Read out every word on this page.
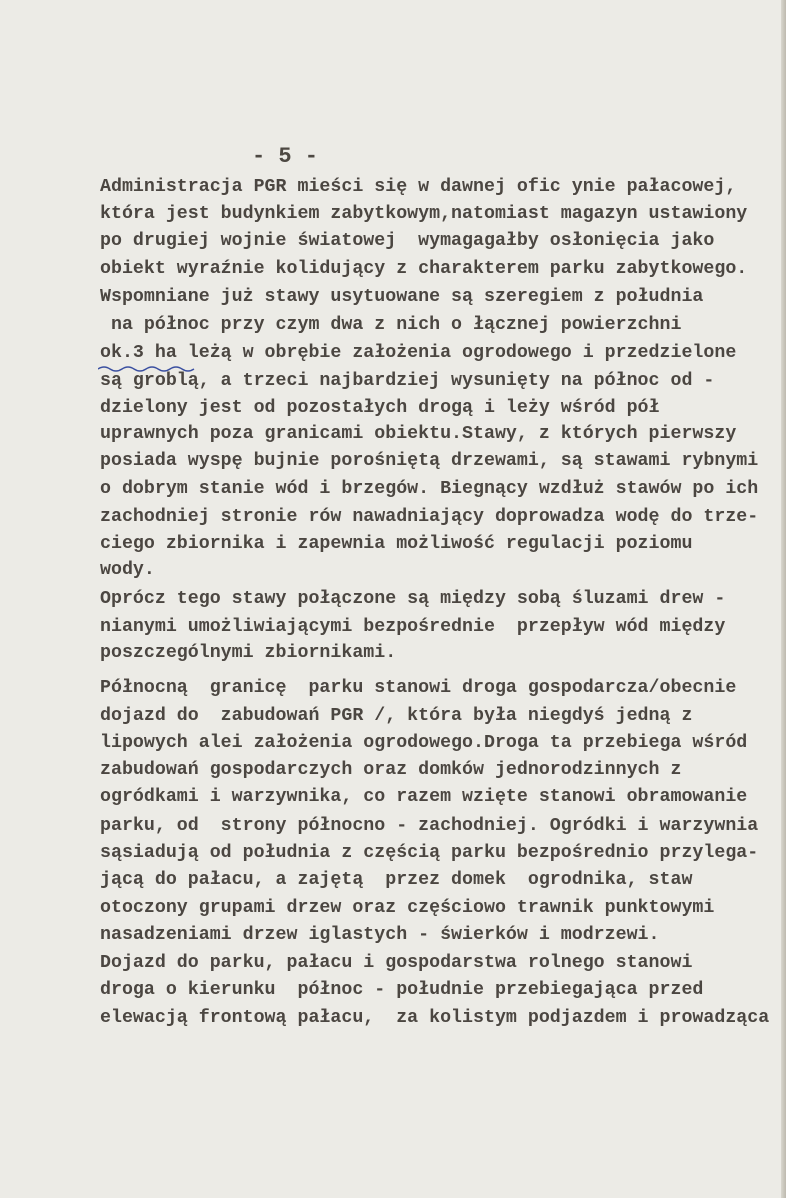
- 5 -
Administracja PGR mieści się w dawnej ofic ynie pałacowej,
która jest budynkiem zabytkowym,natomiast magazyn ustawiony
po drugiej wojnie światowej  wymagagałby osłonięcia jako
obiekt wyraźnie kolidujący z charakterem parku zabytkowego.
Wspomniane już stawy usytuowane są szeregiem z południa
na północ przy czym dwa z nich o łącznej powierzchni
ok.3 ha leżą w obrębie założenia ogrodowego i przedzielone
są groblą, a trzeci najbardziej wysunięty na północ od -
dzielony jest od pozostałych drogą i leży wśród pół
uprawnych poza granicami obiektu.Stawy, z których pierwszy
posiada wyspę bujnie porośniętą drzewami, są stawami rybnymi
o dobrym stanie wód i brzegów. Biegnący wzdłuż stawów po ich
zachodniej stronie rów nawadniający doprowadza wodę do trze-
ciego zbiornika i zapewnia możliwość regulacji poziomu
wody.
Oprócz tego stawy połączone są między sobą śluzami drew -
nianymi umożliwiającymi bezpośrednie  przepływ wód między
poszczególnymi zbiornikami.
Północną  granicę  parku stanowi droga gospodarcza/obecnie
dojazd do  zabudowań PGR /, która była niegdyś jedną z
lipowych alei założenia ogrodowego.Droga ta przebiega wśród
zabudowań gospodarczych oraz domków jednorodzinnych z
ogródkami i warzywnika, co razem wzięte stanowi obramowanie
parku, od  strony północno - zachodniej. Ogródki i warzywnia
sąsiadują od południa z częścią parku bezpośrednio przylega-
jącą do pałacu, a zajętą  przez domek  ogrodnika, staw
otoczony grupami drzew oraz częściowo trawnik punktowymi
nasadzeniami drzew iglastych - świerków i modrzewi.
Dojazd do parku, pałacu i gospodarstwa rolnego stanowi
droga o kierunku  północ - południe przebiegająca przed
elewacją frontową pałacu,  za kolistym podjazdem i prowadząca
